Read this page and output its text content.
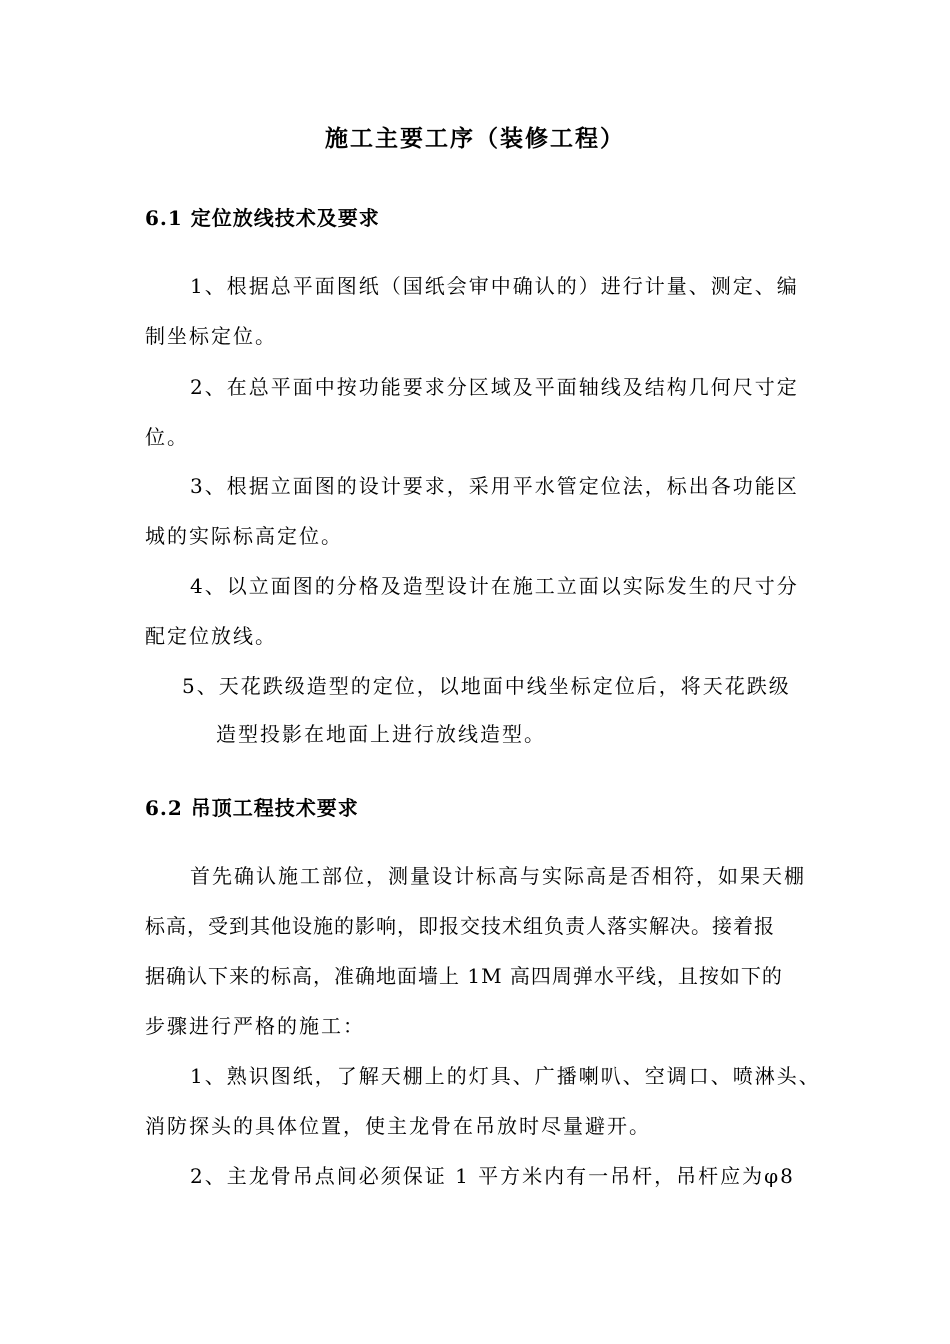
施工主要工序（装修工程）
6.1 定位放线技术及要求
1、根据总平面图纸（国纸会审中确认的）进行计量、测定、编
制坐标定位。
2、在总平面中按功能要求分区域及平面轴线及结构几何尺寸定
位。
3、根据立面图的设计要求，采用平水管定位法，标出各功能区
城的实际标高定位。
4、以立面图的分格及造型设计在施工立面以实际发生的尺寸分
配定位放线。
5、天花跌级造型的定位，以地面中线坐标定位后，将天花跌级
造型投影在地面上进行放线造型。
6.2 吊顶工程技术要求
首先确认施工部位，测量设计标高与实际高是否相符，如果天棚
标高，受到其他设施的影响，即报交技术组负责人落实解决。接着报
据确认下来的标高，准确地面墙上 1M 高四周弹水平线，且按如下的
步骤进行严格的施工：
1、熟识图纸，了解天棚上的灯具、广播喇叭、空调口、喷淋头、
消防探头的具体位置，使主龙骨在吊放时尽量避开。
2、主龙骨吊点间必须保证 1 平方米内有一吊杆，吊杆应为φ8
